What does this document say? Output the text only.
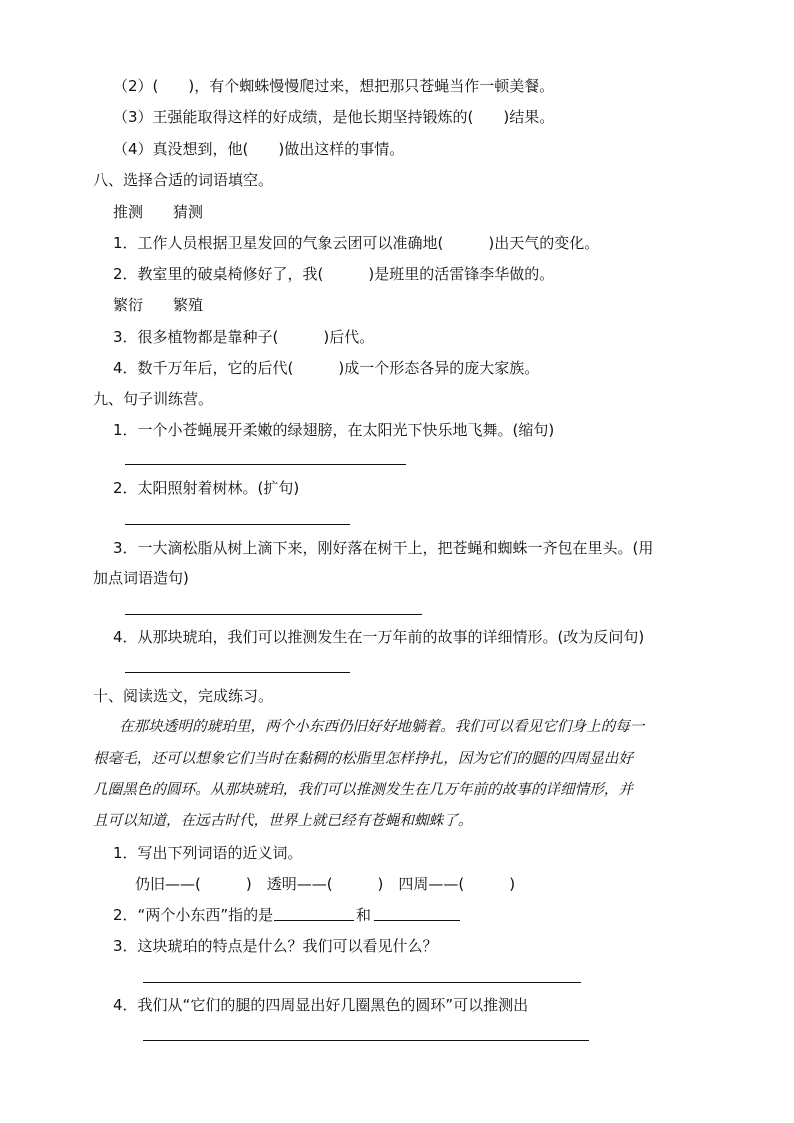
（2）(　　)，有个蜘蛛慢慢爬过来，想把那只苍蝇当作一顿美餐。
（3）王强能取得这样的好成绩，是他长期坚持锻炼的(　　)结果。
（4）真没想到，他(　　)做出这样的事情。
八、选择合适的词语填空。
推测　　猜测
1．工作人员根据卫星发回的气象云团可以准确地(　　　)出天气的变化。
2．教室里的破桌椅修好了，我(　　　)是班里的活雷锋李华做的。
繁衍　　繁殖
3．很多植物都是靠种子(　　　)后代。
4．数千万年后，它的后代(　　　)成一个形态各异的庞大家族。
九、句子训练营。
1．一个小苍蝇展开柔嫩的绿翅膀，在太阳光下快乐地飞舞。(缩句)
2．太阳照射着树林。(扩句)
3．一大滴松脂从树上滴下来，刚好落在树干上，把苍蝇和蜘蛛一齐包在里头。(用
加点词语造句)
4．从那块琥珀，我们可以推测发生在一万年前的故事的详细情形。(改为反问句)
十、阅读选文，完成练习。
在那块透明的琥珀里，两个小东西仍旧好好地躺着。我们可以看见它们身上的每一
根毫毛，还可以想象它们当时在黏稠的松脂里怎样挣扎，因为它们的腿的四周显出好
几圈黑色的圆环。从那块琥珀，我们可以推测发生在几万年前的故事的详细情形，并
且可以知道，在远古时代，世界上就已经有苍蝇和蜘蛛了。
1．写出下列词语的近义词。
仍旧——(　　　)　透明——(　　　)　四周——(　　　)
2．“两个小东西”指的是	和
3．这块琥珀的特点是什么？我们可以看见什么？
4．我们从“它们的腿的四周显出好几圈黑色的圆环”可以推测出
